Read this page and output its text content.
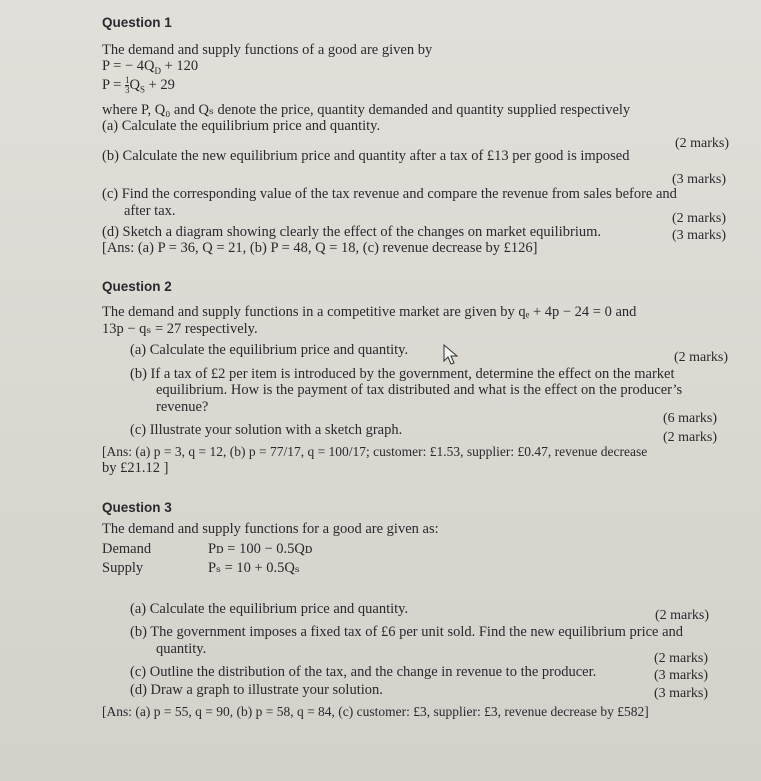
Question 1
The demand and supply functions of a good are given by
P = − $4Q_D + 120$
$P = \frac{1}{3} Q_S + 29$
where P, Q₀ and Qₛ denote the price, quantity demanded and quantity supplied respectively
(a) Calculate the equilibrium price and quantity.
(2 marks)
(b) Calculate the new equilibrium price and quantity after a tax of £13 per good is imposed
(3 marks)
(c) Find the corresponding value of the tax revenue and compare the revenue from sales before and
after tax.	(2 marks)
(d) Sketch a diagram showing clearly the effect of the changes on market equilibrium.	(3 marks)
[Ans: (a) P = 36, Q = 21, (b) P = 48, Q = 18, (c) revenue decrease by £126]
Question 2
The demand and supply functions in a competitive market are given by qₑ + 4p − 24 = 0 and
13p − qₛ = 27 respectively.
(a) Calculate the equilibrium price and quantity.	(2 marks)
(b) If a tax of £2 per item is introduced by the government, determine the effect on the market
equilibrium. How is the payment of tax distributed and what is the effect on the producer’s
revenue?
(6 marks)
(c) Illustrate your solution with a sketch graph.	(2 marks)
[Ans: (a) p = 3, q = 12, (b) p = 77/17, q = 100/17; customer: £1.53, supplier: £0.47, revenue decrease
by £21.12 ]
Question 3
The demand and supply functions for a good are given as:
Demand	Pᴅ = 100 − 0.5Qᴅ
Supply	Pₛ = 10 + 0.5Qₛ
(a) Calculate the equilibrium price and quantity.	(2 marks)
(b) The government imposes a fixed tax of £6 per unit sold. Find the new equilibrium price and
quantity.
(2 marks)
(c) Outline the distribution of the tax, and the change in revenue to the producer.	(3 marks)
(d) Draw a graph to illustrate your solution.	(3 marks)
[Ans: (a) p = 55, q = 90, (b) p = 58, q = 84, (c) customer: £3, supplier: £3, revenue decrease by £582]
